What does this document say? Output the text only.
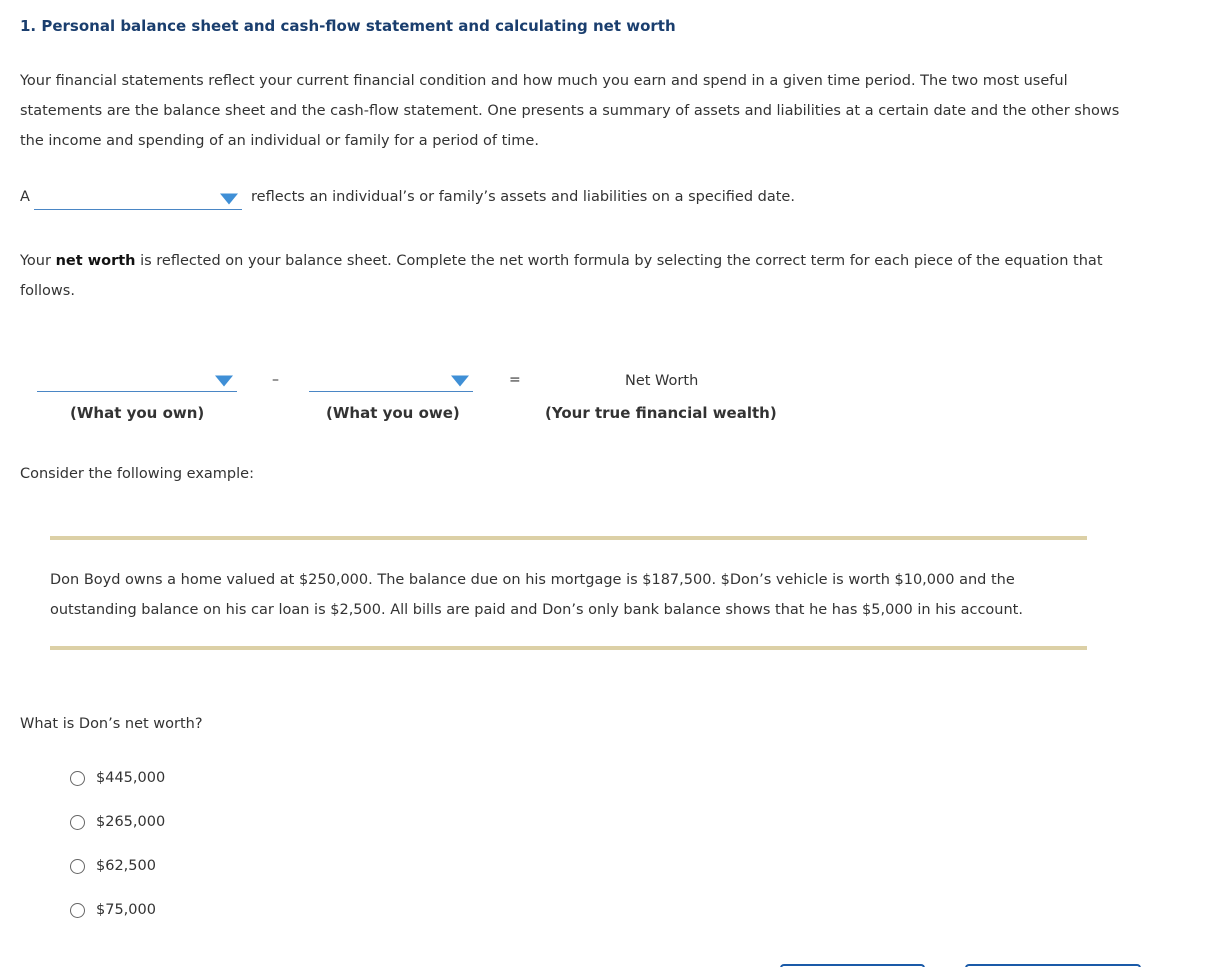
1. Personal balance sheet and cash-flow statement and calculating net worth

Your financial statements reflect your current financial condition and how much you earn and spend in a given time period. The two most useful
statements are the balance sheet and the cash-flow statement. One presents a summary of assets and liabilities at a certain date and the other shows
the income and spending of an individual or family for a period of time.

A	reflects an individual’s or family’s assets and liabilities on a specified date.
Your net worth is reflected on your balance sheet. Complete the net worth formula by selecting the correct term for each piece of the equation that
follows.
–	=	Net Worth
(What you own)	(What you owe)	(Your true financial wealth)
Consider the following example:
Don Boyd owns a home valued at $250,000. The balance due on his mortgage is $187,500. $Don’s vehicle is worth $10,000 and the
outstanding balance on his car loan is $2,500. All bills are paid and Don’s only bank balance shows that he has $5,000 in his account.
What is Don’s net worth?
$445,000
$265,000
$62,500
$75,000
